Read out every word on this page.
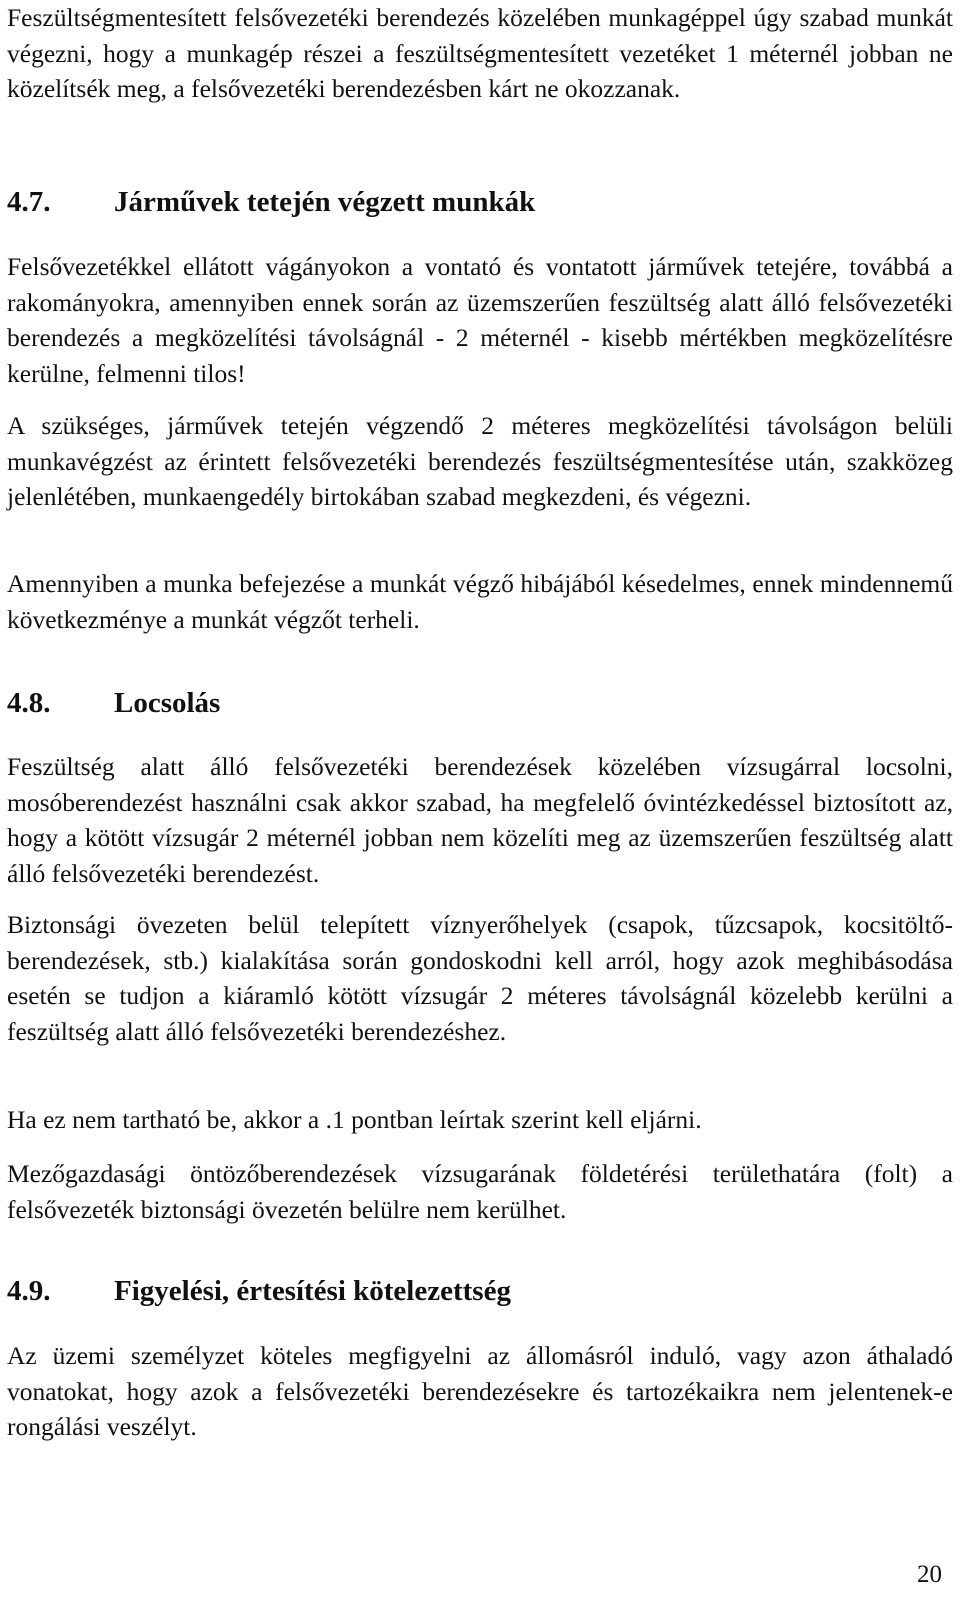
Feszültségmentesített felsővezetéki berendezés közelében munkagéppel úgy szabad munkát végezni, hogy a munkagép részei a feszültségmentesített vezetéket 1 méternél jobban ne közelítsék meg, a felsővezetéki berendezésben kárt ne okozzanak.

4.7.	Járművek tetején végzett munkák

Felsővezetékkel ellátott vágányokon a vontató és vontatott járművek tetejére, továbbá a rakományokra, amennyiben ennek során az üzemszerűen feszültség alatt álló felsővezetéki berendezés a megközelítési távolságnál - 2 méternél - kisebb mértékben megközelítésre kerülne, felmenni tilos!

A szükséges, járművek tetején végzendő 2 méteres megközelítési távolságon belüli munkavégzést az érintett felsővezetéki berendezés feszültségmentesítése után, szakközeg jelenlétében, munkaengedély birtokában szabad megkezdeni, és végezni.

Amennyiben a munka befejezése a munkát végző hibájából késedelmes, ennek mindennemű következménye a munkát végzőt terheli.

4.8.	Locsolás

Feszültség alatt álló felsővezetéki berendezések közelében vízsugárral locsolni, mosóberendezést használni csak akkor szabad, ha megfelelő óvintézkedéssel biztosított az, hogy a kötött vízsugár 2 méternél jobban nem közelíti meg az üzemszerűen feszültség alatt álló felsővezetéki berendezést.

Biztonsági övezeten belül telepített víznyerőhelyek (csapok, tűzcsapok, kocsitöltő-berendezések, stb.) kialakítása során gondoskodni kell arról, hogy azok meghibásodása esetén se tudjon a kiáramló kötött vízsugár 2 méteres távolságnál közelebb kerülni a feszültség alatt álló felsővezetéki berendezéshez.

Ha ez nem tartható be, akkor a .1 pontban leírtak szerint kell eljárni.

Mezőgazdasági öntözőberendezések vízsugarának földetérési területhatára (folt) a felsővezeték biztonsági övezetén belülre nem kerülhet.

4.9.	Figyelési, értesítési kötelezettség

Az üzemi személyzet köteles megfigyelni az állomásról induló, vagy azon áthaladó vonatokat, hogy azok a felsővezetéki berendezésekre és tartozékaikra nem jelentenek-e rongálási veszélyt.

20
